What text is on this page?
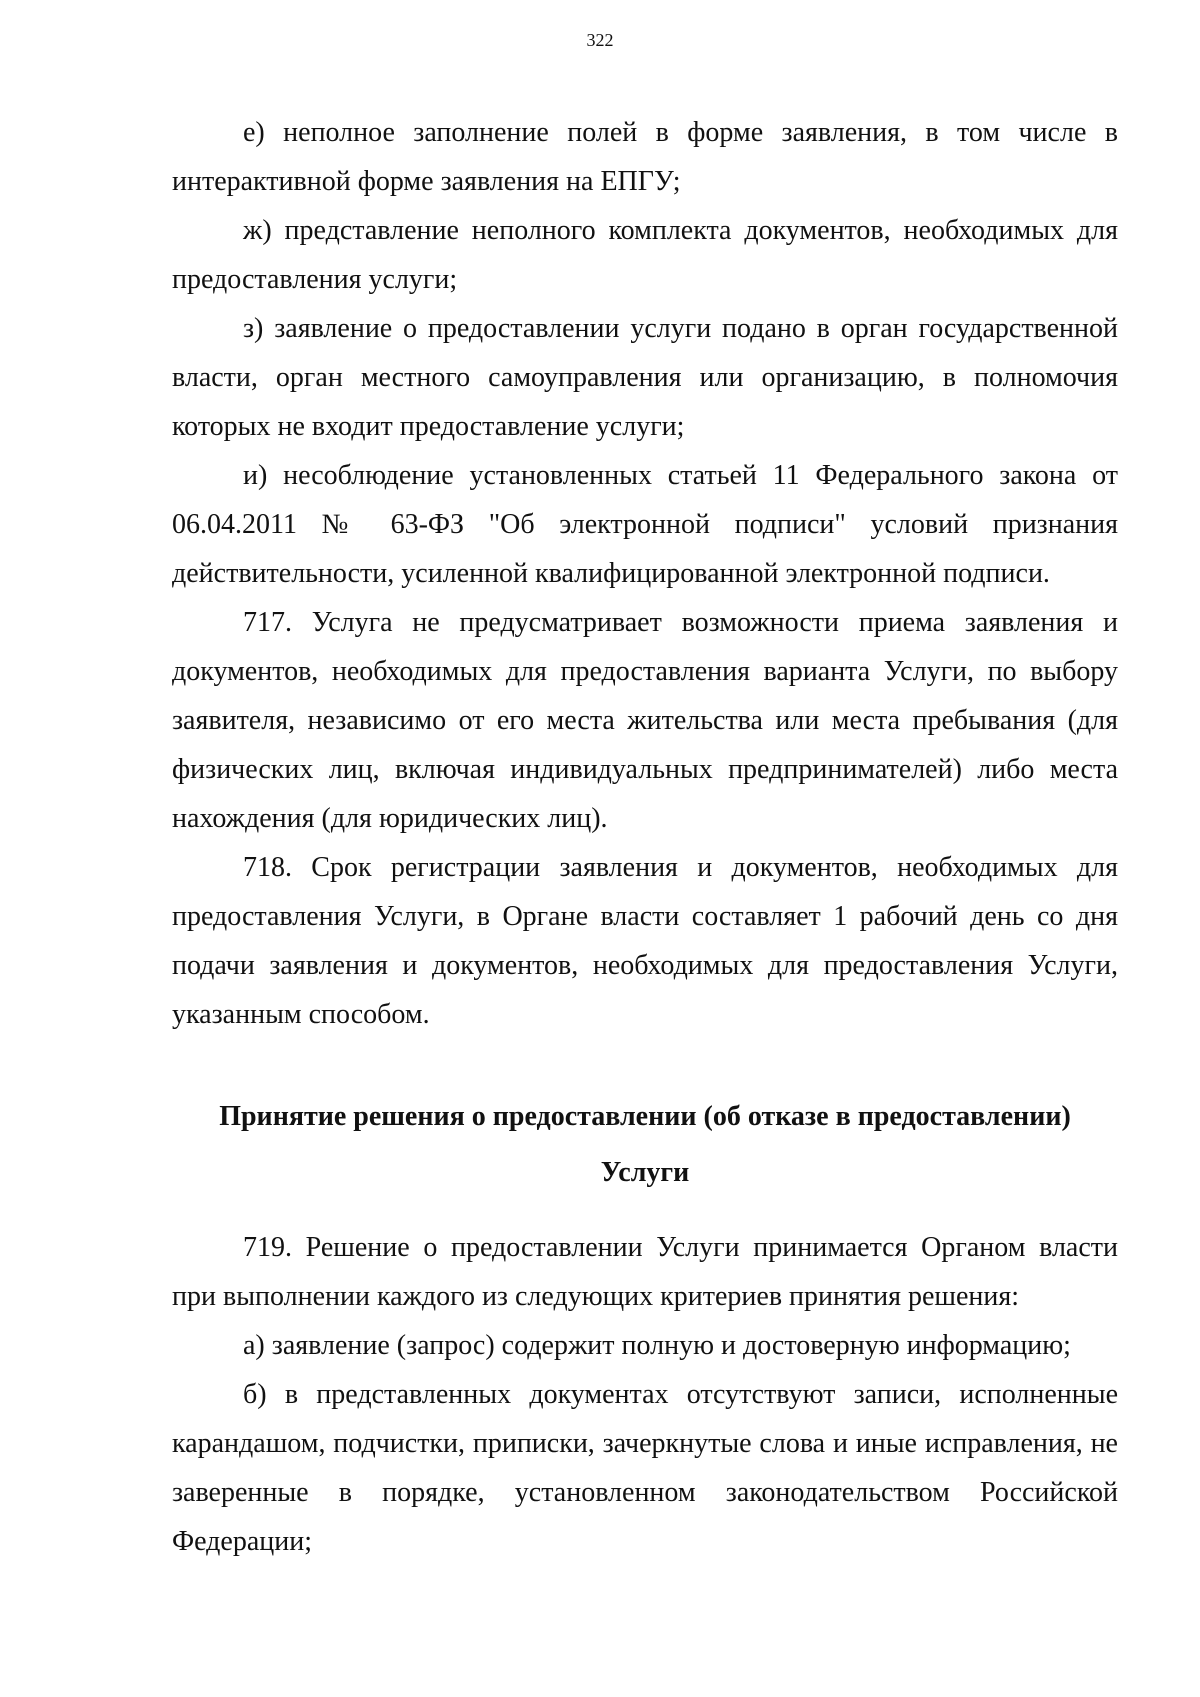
322

е) неполное заполнение полей в форме заявления, в том числе в интерактивной форме заявления на ЕПГУ;

ж) представление неполного комплекта документов, необходимых для предоставления услуги;

з) заявление о предоставлении услуги подано в орган государственной власти, орган местного самоуправления или организацию, в полномочия которых не входит предоставление услуги;

и) несоблюдение установленных статьей 11 Федерального закона от 06.04.2011 № 63-ФЗ "Об электронной подписи" условий признания действительности, усиленной квалифицированной электронной подписи.

717. Услуга не предусматривает возможности приема заявления и документов, необходимых для предоставления варианта Услуги, по выбору заявителя, независимо от его места жительства или места пребывания (для физических лиц, включая индивидуальных предпринимателей) либо места нахождения (для юридических лиц).

718. Срок регистрации заявления и документов, необходимых для предоставления Услуги, в Органе власти составляет 1 рабочий день со дня подачи заявления и документов, необходимых для предоставления Услуги, указанным способом.

Принятие решения о предоставлении (об отказе в предоставлении)
Услуги

719. Решение о предоставлении Услуги принимается Органом власти при выполнении каждого из следующих критериев принятия решения:

а) заявление (запрос) содержит полную и достоверную информацию;

б) в представленных документах отсутствуют записи, исполненные карандашом, подчистки, приписки, зачеркнутые слова и иные исправления, не заверенные в порядке, установленном законодательством Российской Федерации;
